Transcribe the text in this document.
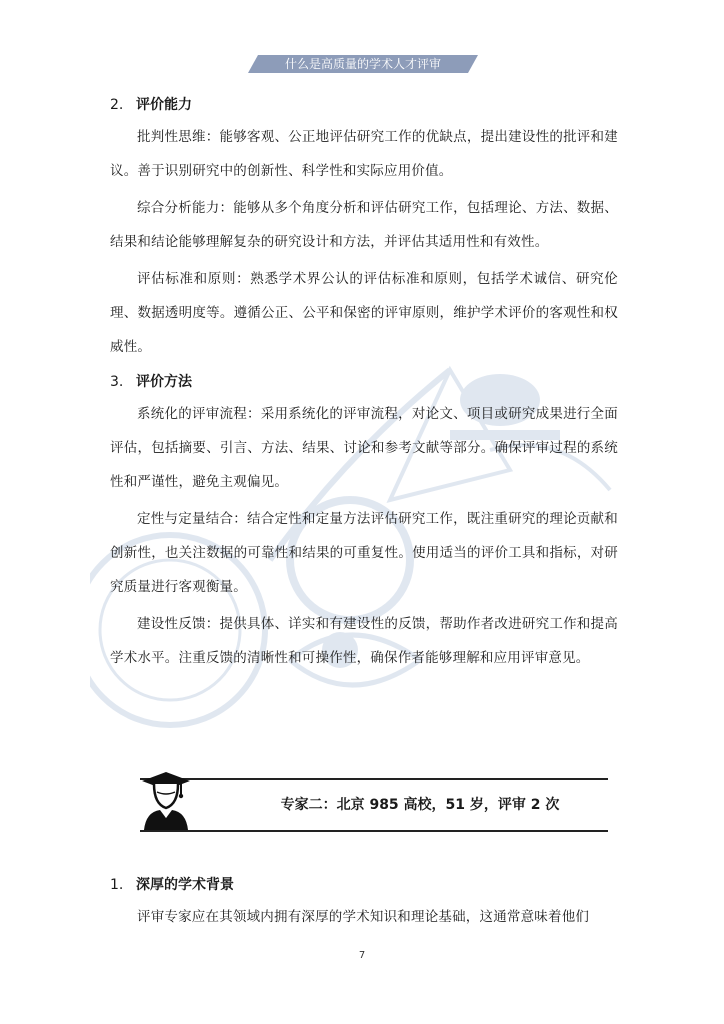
什么是高质量的学术人才评审
2. 评价能力

批判性思维：能够客观、公正地评估研究工作的优缺点，提出建设性的批评和建议。善于识别研究中的创新性、科学性和实际应用价值。

综合分析能力：能够从多个角度分析和评估研究工作，包括理论、方法、数据、结果和结论能够理解复杂的研究设计和方法，并评估其适用性和有效性。

评估标准和原则：熟悉学术界公认的评估标准和原则，包括学术诚信、研究伦理、数据透明度等。遵循公正、公平和保密的评审原则，维护学术评价的客观性和权威性。

3. 评价方法

系统化的评审流程：采用系统化的评审流程，对论文、项目或研究成果进行全面评估，包括摘要、引言、方法、结果、讨论和参考文献等部分。确保评审过程的系统性和严谨性，避免主观偏见。

定性与定量结合：结合定性和定量方法评估研究工作，既注重研究的理论贡献和创新性，也关注数据的可靠性和结果的可重复性。使用适当的评价工具和指标，对研究质量进行客观衡量。

建设性反馈：提供具体、详实和有建设性的反馈，帮助作者改进研究工作和提高学术水平。注重反馈的清晰性和可操作性，确保作者能够理解和应用评审意见。

专家二：北京 985 高校，51 岁，评审 2 次
1. 深厚的学术背景

评审专家应在其领域内拥有深厚的学术知识和理论基础，这通常意味着他们

7
